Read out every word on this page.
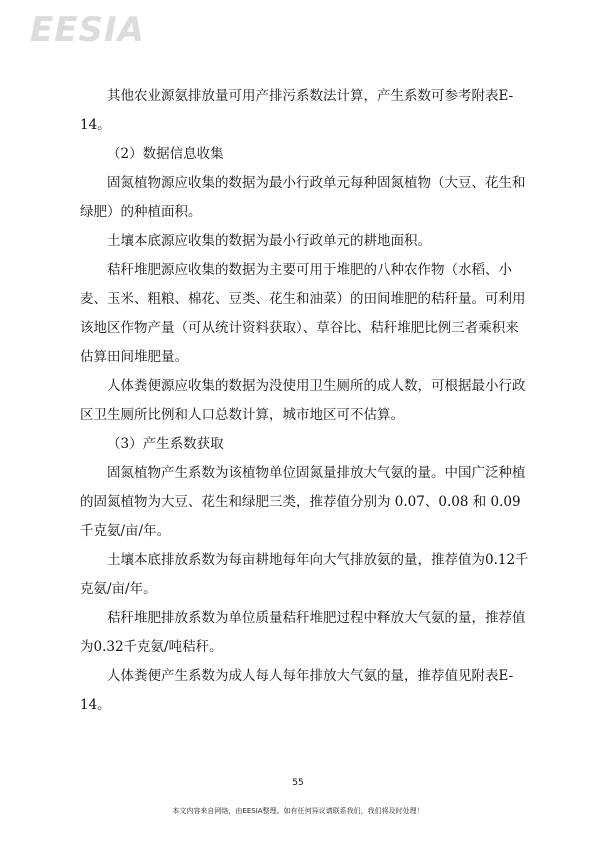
EESIA

其他农业源氨排放量可用产排污系数法计算，产生系数可参考附表E-14。

（2）数据信息收集

固氮植物源应收集的数据为最小行政单元每种固氮植物（大豆、花生和绿肥）的种植面积。

土壤本底源应收集的数据为最小行政单元的耕地面积。

秸秆堆肥源应收集的数据为主要可用于堆肥的八种农作物（水稻、小麦、玉米、粗粮、棉花、豆类、花生和油菜）的田间堆肥的秸秆量。可利用该地区作物产量（可从统计资料获取）、草谷比、秸秆堆肥比例三者乘积来估算田间堆肥量。

人体粪便源应收集的数据为没使用卫生厕所的成人数，可根据最小行政区卫生厕所比例和人口总数计算，城市地区可不估算。

（3）产生系数获取

固氮植物产生系数为该植物单位固氮量排放大气氨的量。中国广泛种植的固氮植物为大豆、花生和绿肥三类，推荐值分别为 0.07、0.08 和 0.09 千克氨/亩/年。

土壤本底排放系数为每亩耕地每年向大气排放氨的量，推荐值为0.12千克氨/亩/年。

秸秆堆肥排放系数为单位质量秸秆堆肥过程中释放大气氨的量，推荐值为0.32千克氨/吨秸秆。

人体粪便产生系数为成人每人每年排放大气氨的量，推荐值见附表E-14。

55
本文内容来自网络，由EESIA整理。如有任何异议请联系我们，我们将及时处理！
